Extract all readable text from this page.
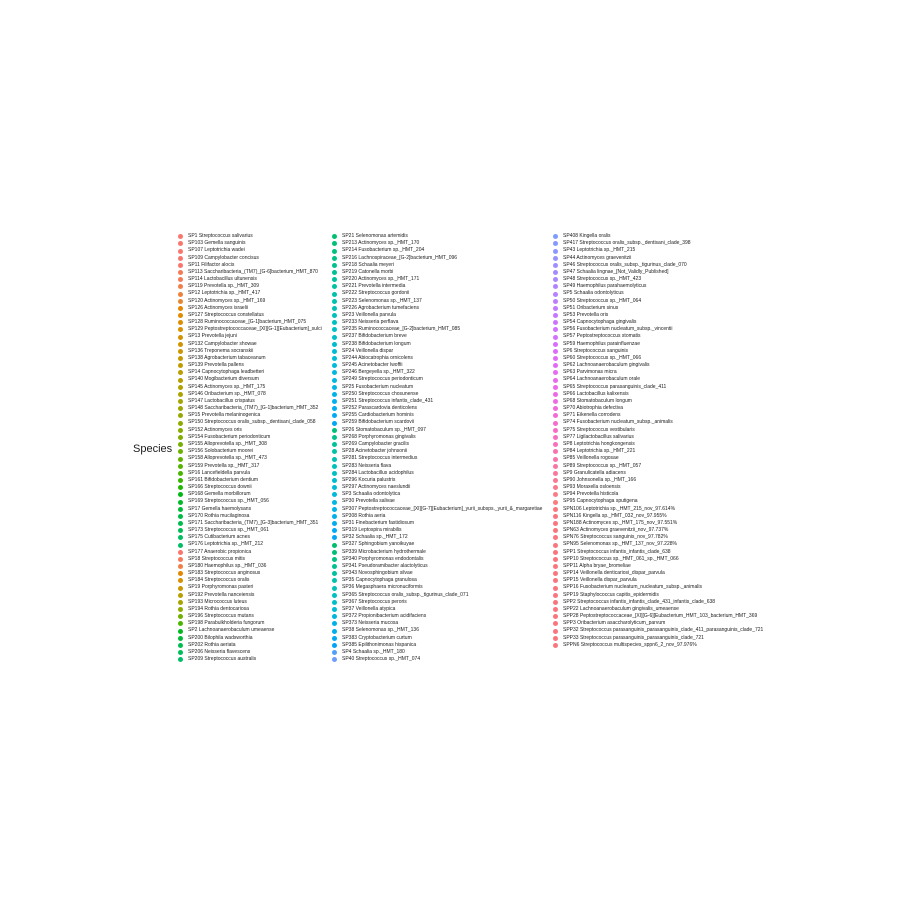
Species
SP1 Streptococcus salivarius
SP103 Gemella sanguinis
SP107 Leptotrichia wadei
SP109 Campylobacter concisus
SP11 Filifactor alocis
SP113 Saccharibacteria_(TM7)_[G-6]bacterium_HMT_870
SP114 Lactobacillus ultunensis
SP119 Prevotella sp._HMT_309
SP12 Leptotrichia sp._HMT_417
SP120 Actinomyces sp._HMT_169
SP126 Actinomyces israelii
SP127 Streptococcus constellatus
SP128 Ruminococcaceae_[G-1]bacterium_HMT_075
SP129 Peptostreptococcaceae_[XI][G-1][Eubacterium]_sulci
SP13 Prevotella jejuni
SP132 Campylobacter showae
SP136 Treponema socranskii
SP138 Agrobacterium tabaceanum
SP139 Prevotella pallens
SP14 Capnocytophaga leadbetteri
SP140 Mogibacterium diversum
SP145 Actinomyces sp._HMT_175
SP146 Oribacterium sp._HMT_078
SP147 Lactobacillus crispatus
SP148 Saccharibacteria_(TM7)_[G-1]bacterium_HMT_352
SP15 Prevotella melaninogenica
SP150 Streptococcus oralis_subsp._dentisani_clade_058
SP152 Actinomyces oris
SP154 Fusobacterium periodonticum
SP155 Alloprevotella sp._HMT_308
SP156 Solobacterium moorei
SP158 Alloprevotella sp._HMT_473
SP159 Prevotella sp._HMT_317
SP16 Lancefieldella parvula
SP161 Bifidobacterium dentium
SP166 Streptococcus downii
SP168 Gemella morbillorum
SP169 Streptococcus sp._HMT_056
SP17 Gemella haemolysans
SP170 Rothia mucilaginosa
SP171 Saccharibacteria_(TM7)_[G-3]bacterium_HMT_351
SP173 Streptococcus sp._HMT_061
SP175 Cutibacterium acnes
SP176 Leptotrichia sp._HMT_212
SP177 Anaerobic propionica
SP18 Streptococcus mitis
SP180 Haemophilus sp._HMT_036
SP183 Streptococcus anginosus
SP184 Streptococcus oralis
SP19 Porphyromonas pasteri
SP192 Prevotella nanceiensis
SP193 Micrococcus luteus
SP194 Rothia dentocariosa
SP196 Streptococcus mutans
SP198 Parabulkholderia fungorum
SP2 Lachnoanaerobaculum umeaense
SP200 Bilophila wadsworthia
SP202 Rothia aeriata
SP206 Neisseria flavescens
SP209 Streptococcus australis
SP21 Selenomonas artemidis
SP213 Actinomyces sp._HMT_170
SP214 Fusobacterium sp._HMT_204
SP216 Lachnospiraceae_[G-2]bacterium_HMT_096
SP218 Schaalia meyeri
SP219 Catonella morbi
SP220 Actinomyces sp._HMT_171
SP221 Prevotella intermedia
SP222 Streptococcus gordonii
SP223 Selenomonas sp._HMT_137
SP226 Agrobacterium tumefaciens
SP23 Veillonella parvula
SP233 Neisseria perflava
SP235 Ruminococcaceae_[G-2]bacterium_HMT_085
SP237 Bifidobacterium breve
SP238 Bifidobacterium longum
SP24 Veillonella dispar
SP244 Abiocatrophia ornicolens
SP245 Acinetobacter lwoffii
SP246 Bergeyella sp._HMT_322
SP249 Streptococcus periodonticum
SP25 Fusobacterium nucleatum
SP250 Streptococcus chosunense
SP251 Streptococcus infantis_clade_431
SP252 Parascardovia denticolens
SP255 Cardiobacterium hominis
SP259 Bifidobacterium scardovii
SP26 Stomatobaculum sp._HMT_097
SP268 Porphyromonas gingivalis
SP269 Campylobacter gracilis
SP28 Acinetobacter johnsonii
SP281 Streptococcus intermedius
SP283 Neisseria flava
SP284 Lactobacillus acidophilus
SP296 Kocuria palustris
SP297 Actinomyces naeslundii
SP3 Schaalia odontolytica
SP30 Prevotella salivae
SP307 Peptostreptococcaceae_[XI][G-7][Eubacterium]_yurii_subsps._yurii_&_margaretiae
SP308 Rothia aeria
SP31 Finebacterium fastidiosum
SP319 Leptospira mirabilis
SP32 Schaalia sp._HMT_172
SP327 Sphingobium yanoikuyae
SP339 Microbacterium hydrothermale
SP340 Porphyromonas endodontalis
SP341 Pseudoramibacter alactolyticus
SP343 Novosphingobium silvae
SP35 Capnocytophaga granulosa
SP36 Megasphaera micronuciformis
SP365 Streptococcus oralis_subsp._tigurinus_clade_071
SP367 Streptococcus peroris
SP37 Veillonella atypica
SP372 Propionibacterium acidifaciens
SP373 Neisseria mucosa
SP38 Selenomonas sp._HMT_136
SP383 Cryptobacterium curtum
SP385 Epilithonimonas hispanica
SP4 Schaalia sp._HMT_180
SP40 Streptococcus sp._HMT_074
SP408 Kingella oralis
SP417 Streptococcus oralis_subsp._dentisani_clade_398
SP43 Leptotrichia sp._HMT_215
SP44 Actinomyces graevenitzii
SP46 Streptococcus oralis_subsp._tigurinus_clade_070
SP47 Schaalia lingnae_[Not_Validly_Published]
SP48 Streptococcus sp._HMT_423
SP49 Haemophilus parahaemolyticus
SP5 Schaalia odontolyticus
SP50 Streptococcus sp._HMT_064
SP51 Oribacterium sinus
SP53 Prevotella oris
SP54 Capnocytophaga gingivalis
SP56 Fusobacterium nucleatum_subsp._vincentii
SP57 Peptostreptococcus stomatis
SP59 Haemophilus parainfluenzae
SP6 Streptococcus sanguinis
SP60 Streptococcus sp._HMT_066
SP62 Lachnoanaerobaculum gingivalis
SP63 Parvimonas micra
SP64 Lachnoanaerobaculum orale
SP65 Streptococcus parasanguinis_clade_411
SP66 Lactobacillus kalixensis
SP68 Stomatobaculum longum
SP70 Abiotrophia defectiva
SP71 Eikenella corrodens
SP74 Fusobacterium nucleatum_subsp._animalis
SP75 Streptococcus vestibularis
SP77 Ligilactobacillus salivarius
SP8 Leptotrichia hongkongensis
SP84 Leptotrichia sp._HMT_221
SP85 Veillonella rogosae
SP89 Streptococcus sp._HMT_057
SP9 Granulicatella adiacens
SP90 Johnsonella sp._HMT_166
SP93 Moraxella osloensis
SP94 Prevotella histicola
SP95 Capnocytophaga sputigena
SPN106 Leptotrichia sp._HMT_215_nov_97.614%
SPN116 Kingella sp._HMT_032_nov_97.955%
SPN188 Actinomyces sp._HMT_175_nov_97.551%
SPN63 Actinomyces graevenitzii_nov_97.737%
SPN76 Streptococcus sanguinis_nov_97.782%
SPN95 Selenomonas sp._HMT_137_nov_97.228%
SPP1 Streptococcus infantis_infantis_clade_638
SPP10 Streptococcus sp._HMT_061_sp._HMT_066
SPP11 Alpha bryae_bromeliae
SPP14 Veillonella denticariosi_dispar_parvula
SPP15 Veillonella dispar_parvula
SPP16 Fusobacterium nucleatum_nucleatum_subsp._animalis
SPP19 Staphylococcus capitis_epidermidis
SPP2 Streptococcus infantis_infantis_clade_431_infantis_clade_638
SPP22 Lachnoanaerobaculum gingivalis_umeaense
SPP28 Peptostreptococcaceae_[XI][G-6][Eubacterium_HMT_103_bacterium_HMT_369
SPP3 Oribacterium asaccharolyticum_parvum
SPP32 Streptococcus parasanguinis_parasanguinis_clade_411_parasanguinis_clade_721
SPP33 Streptococcus parasanguinis_parasanguinis_clade_721
SPPN6 Streptococcus multispecies_sppn6_2_nov_97.976%
